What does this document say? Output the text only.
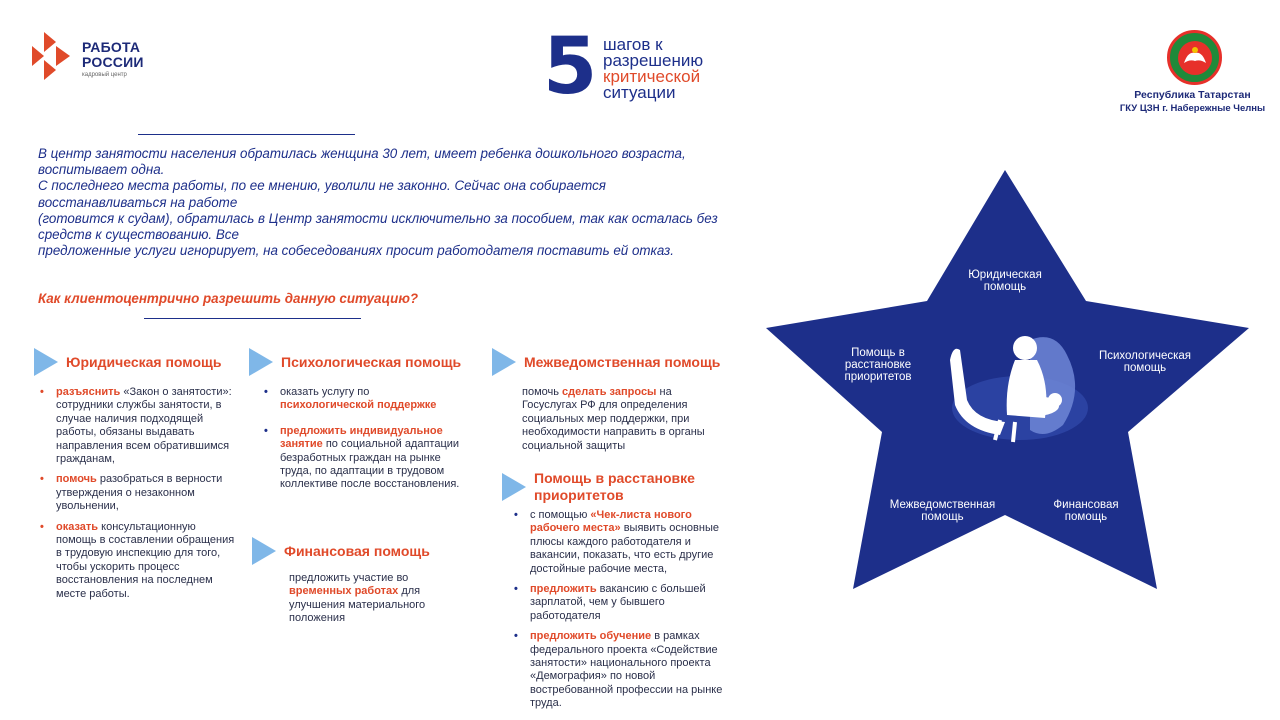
РАБОТА
РОССИИ
кадровый центр	5 шагов к
разрешению
критической
ситуации	Республика Татарстан
ГКУ ЦЗН г. Набережные Челны

В центр занятости населения обратилась женщина 30 лет, имеет ребенка дошкольного возраста, воспитывает одна.

С последнего места работы, по ее мнению, уволили не законно. Сейчас она собирается восстанавливаться на работе

(готовится к судам), обратилась в Центр занятости исключительно за пособием, так как осталась без средств к существованию. Все

предложенные услуги игнорирует, на собеседованиях просит работодателя поставить ей отказ.

Как клиентоцентрично разрешить данную ситуацию?
Юридическая помощь
• разъяснить «Закон о занятости»: сотрудники службы занятости, в случае наличия подходящей работы, обязаны выдавать направления всем обратившимся гражданам,
• помочь разобраться в верности утверждения о незаконном увольнении,
• оказать консультационную помощь в составлении обращения в трудовую инспекцию для того, чтобы ускорить процесс восстановления на последнем месте работы.
Психологическая помощь
• оказать услугу по психологической поддержке
• предложить индивидуальное занятие по социальной адаптации безработных граждан на рынке труда, по адаптации в трудовом коллективе после восстановления.
Финансовая помощь
предложить участие во временных работах для улучшения материального положения
Межведомственная помощь
помочь сделать запросы на Госуслугах РФ для определения социальных мер поддержки, при необходимости направить в органы социальной защиты
Помощь в расстановке
приоритетов
• с помощью «Чек-листа нового рабочего места» выявить основные плюсы каждого работодателя и вакансии, показать, что есть другие достойные рабочие места,
• предложить вакансию с большей зарплатой, чем у бывшего работодателя
• предложить обучение в рамках федерального проекта «Содействие занятости» национального проекта «Демография» по новой востребованной профессии на рынке труда.
Юридическая
помощь
Помощь в
расстановке
приоритетов
Психологическая
помощь
Межведомственная
помощь
Финансовая
помощь
